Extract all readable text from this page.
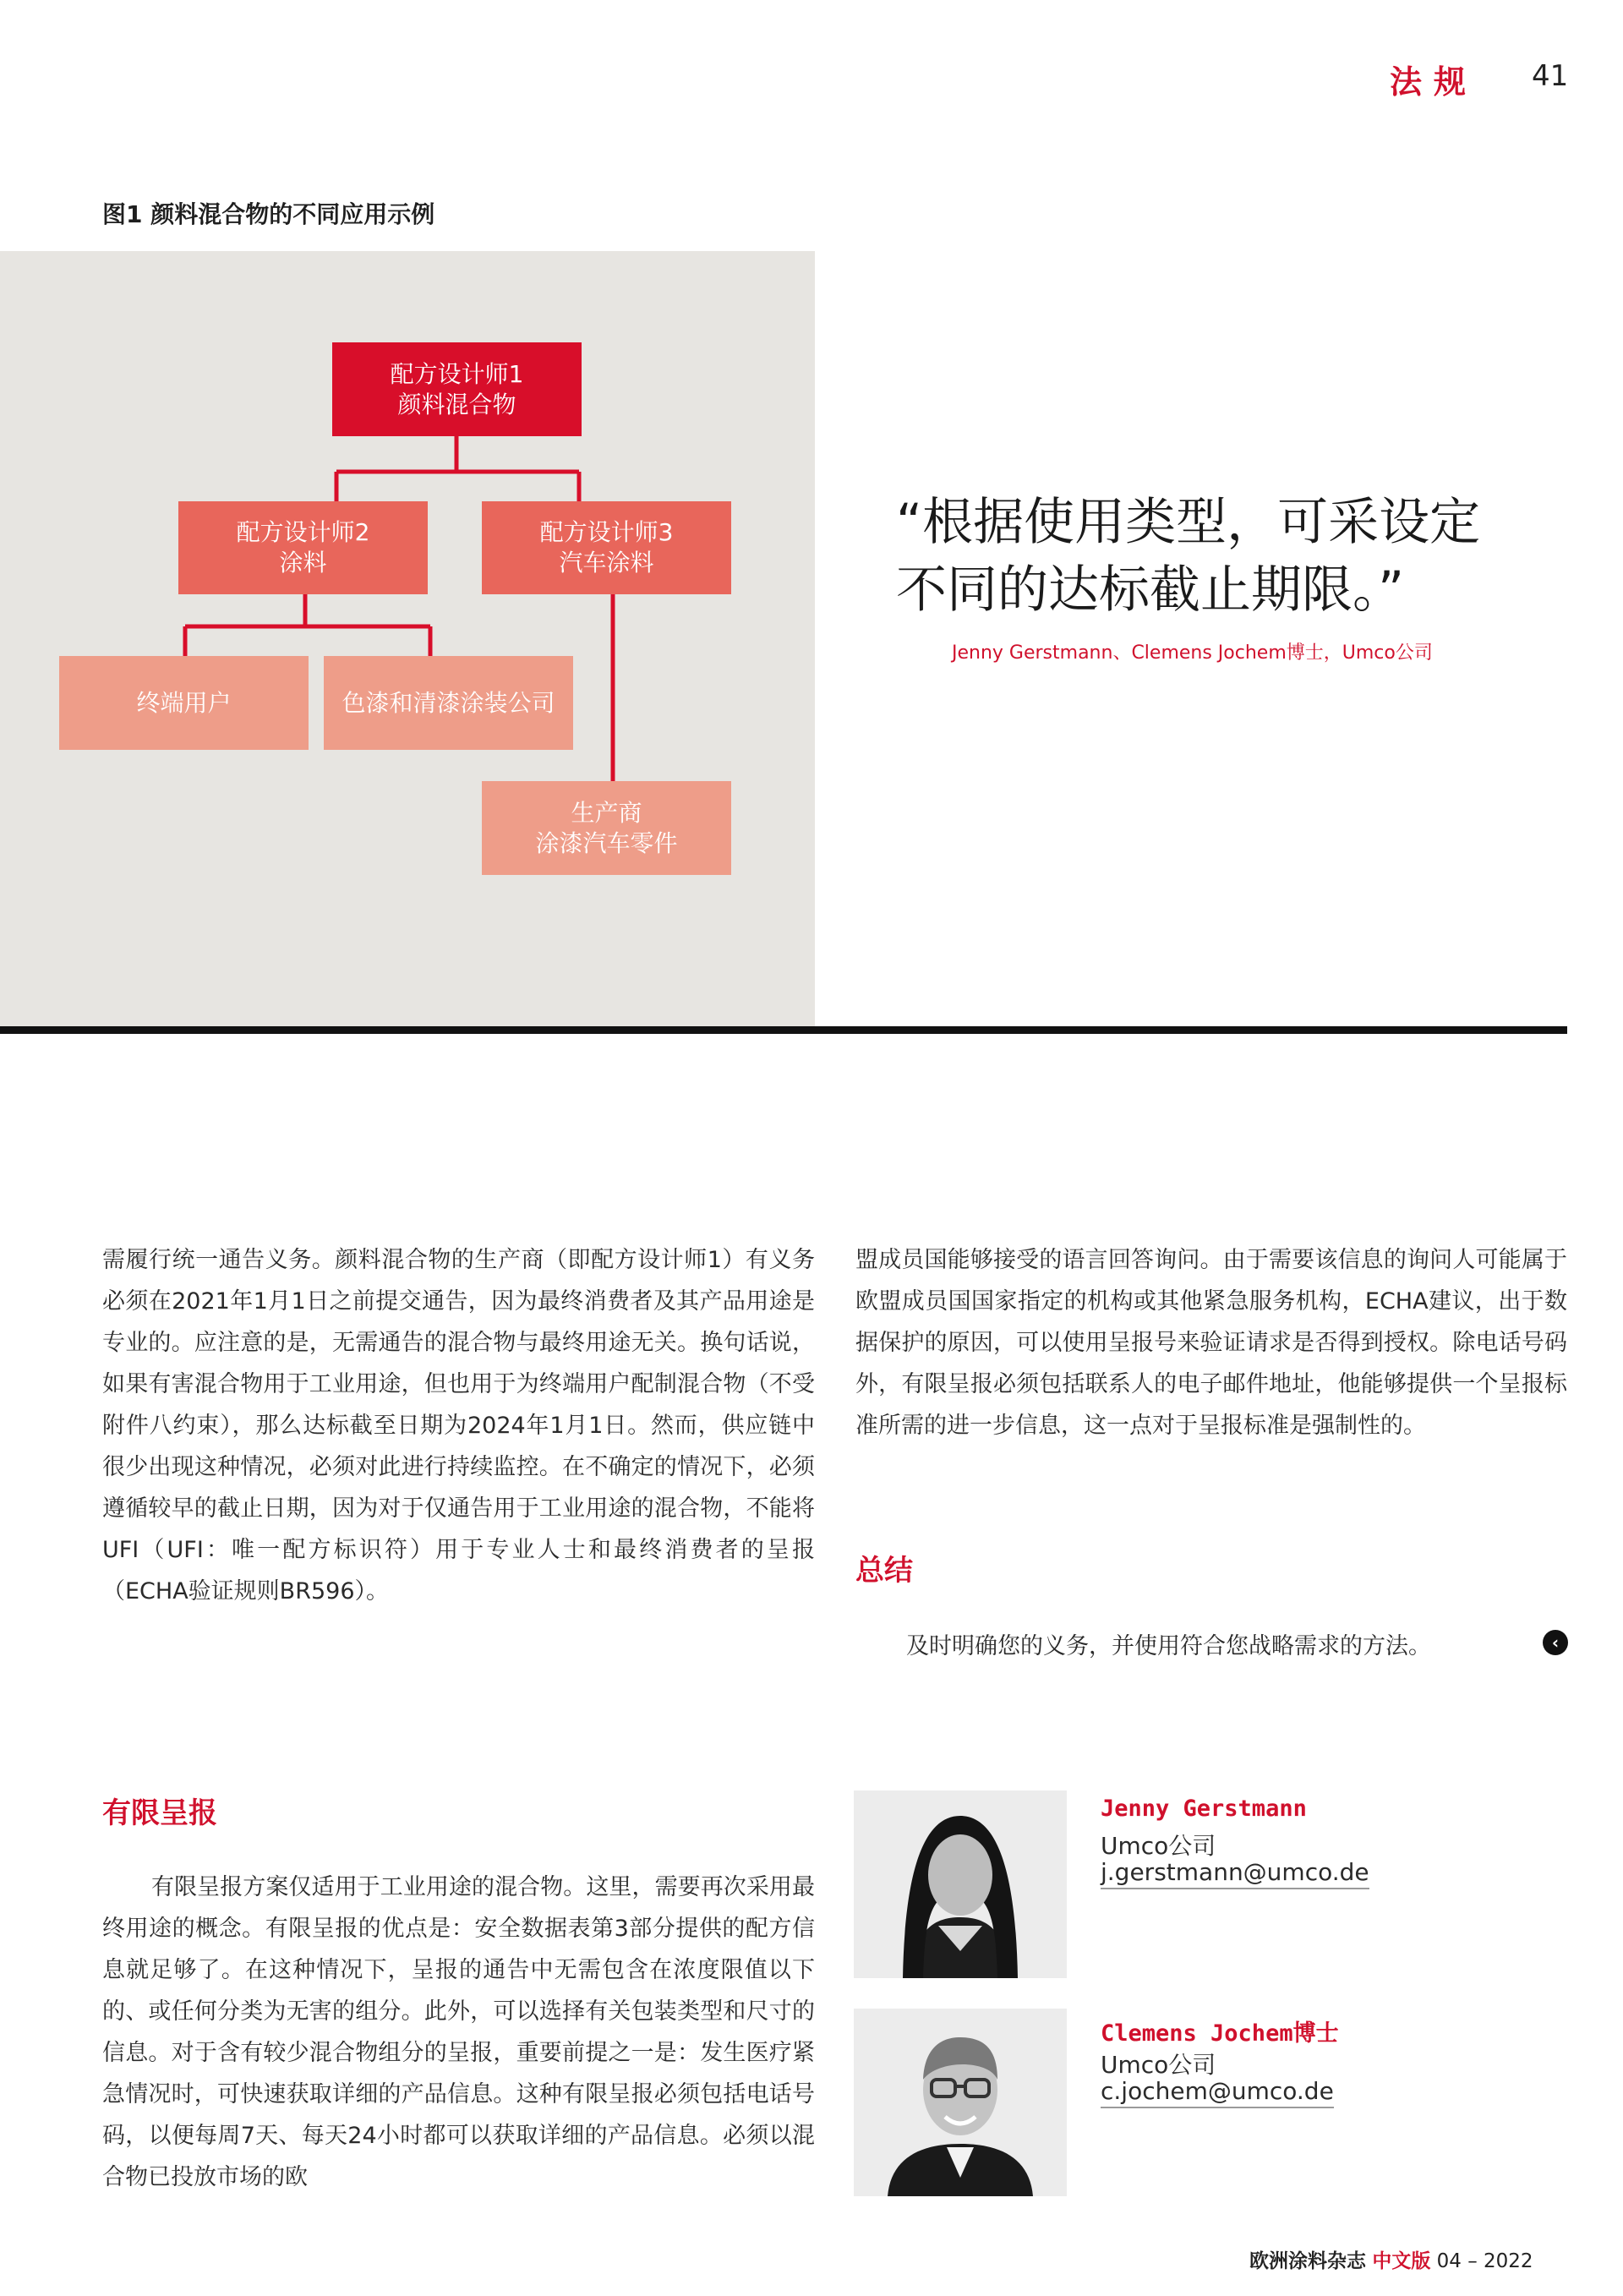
法规 41
图1 颜料混合物的不同应用示例
配方设计师1
颜料混合物
配方设计师2
涂料
配方设计师3
汽车涂料
终端用户	色漆和清漆涂装公司
生产商
涂漆汽车零件
“根据使用类型，可采设定
不同的达标截止期限。”
Jenny Gerstmann、Clemens Jochem博士，Umco公司

需履行统一通告义务。颜料混合物的生产商（即配方设计师1）有义务必须在2021年1月1日之前提交通告，因为最终消费者及其产品用途是专业的。应注意的是，无需通告的混合物与最终用途无关。换句话说，如果有害混合物用于工业用途，但也用于为终端用户配制混合物（不受附件八约束），那么达标截至日期为2024年1月1日。然而，供应链中很少出现这种情况，必须对此进行持续监控。在不确定的情况下，必须遵循较早的截止日期，因为对于仅通告用于工业用途的混合物，不能将UFI（UFI：唯一配方标识符）用于专业人士和最终消费者的呈报（ECHA验证规则BR596）。

盟成员国能够接受的语言回答询问。由于需要该信息的询问人可能属于欧盟成员国国家指定的机构或其他紧急服务机构，ECHA建议，出于数据保护的原因，可以使用呈报号来验证请求是否得到授权。除电话号码外，有限呈报必须包括联系人的电子邮件地址，他能够提供一个呈报标准所需的进一步信息，这一点对于呈报标准是强制性的。

总结
及时明确您的义务，并使用符合您战略需求的方法。	‹
有限呈报

有限呈报方案仅适用于工业用途的混合物。这里，需要再次采用最终用途的概念。有限呈报的优点是：安全数据表第3部分提供的配方信息就足够了。在这种情况下，呈报的通告中无需包含在浓度限值以下的、或任何分类为无害的组分。此外，可以选择有关包装类型和尺寸的信息。对于含有较少混合物组分的呈报，重要前提之一是：发生医疗紧急情况时，可快速获取详细的产品信息。这种有限呈报必须包括电话号码，以便每周7天、每天24小时都可以获取详细的产品信息。必须以混合物已投放市场的欧

Jenny Gerstmann
Umco公司
j.gerstmann@umco.de
Clemens Jochem博士
Umco公司
c.jochem@umco.de
欧洲涂料杂志 中文版 04 – 2022
